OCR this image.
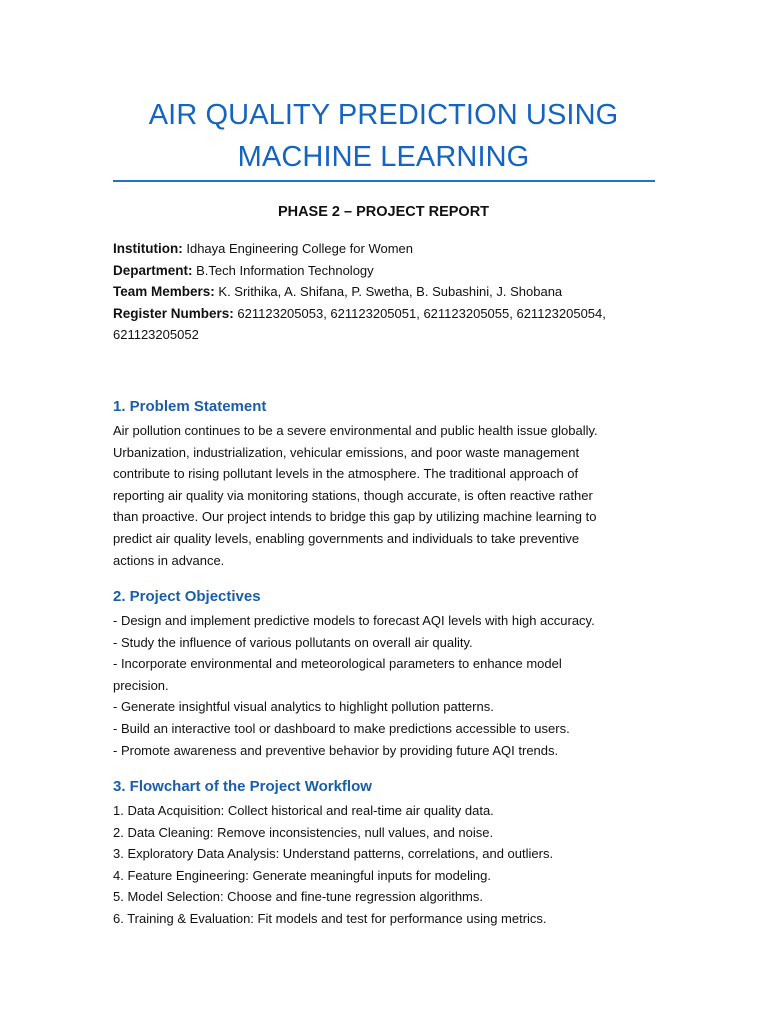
AIR QUALITY PREDICTION USING
MACHINE LEARNING
PHASE 2 – PROJECT REPORT
Institution: Idhaya Engineering College for Women
Department: B.Tech Information Technology
Team Members: K. Srithika, A. Shifana, P. Swetha, B. Subashini, J. Shobana
Register Numbers: 621123205053, 621123205051, 621123205055, 621123205054,
621123205052
1. Problem Statement
Air pollution continues to be a severe environmental and public health issue globally.
Urbanization, industrialization, vehicular emissions, and poor waste management
contribute to rising pollutant levels in the atmosphere. The traditional approach of
reporting air quality via monitoring stations, though accurate, is often reactive rather
than proactive. Our project intends to bridge this gap by utilizing machine learning to
predict air quality levels, enabling governments and individuals to take preventive
actions in advance.
2. Project Objectives
- Design and implement predictive models to forecast AQI levels with high accuracy.
- Study the influence of various pollutants on overall air quality.
- Incorporate environmental and meteorological parameters to enhance model
precision.
- Generate insightful visual analytics to highlight pollution patterns.
- Build an interactive tool or dashboard to make predictions accessible to users.
- Promote awareness and preventive behavior by providing future AQI trends.
3. Flowchart of the Project Workflow
1. Data Acquisition: Collect historical and real-time air quality data.
2. Data Cleaning: Remove inconsistencies, null values, and noise.
3. Exploratory Data Analysis: Understand patterns, correlations, and outliers.
4. Feature Engineering: Generate meaningful inputs for modeling.
5. Model Selection: Choose and fine-tune regression algorithms.
6. Training & Evaluation: Fit models and test for performance using metrics.
